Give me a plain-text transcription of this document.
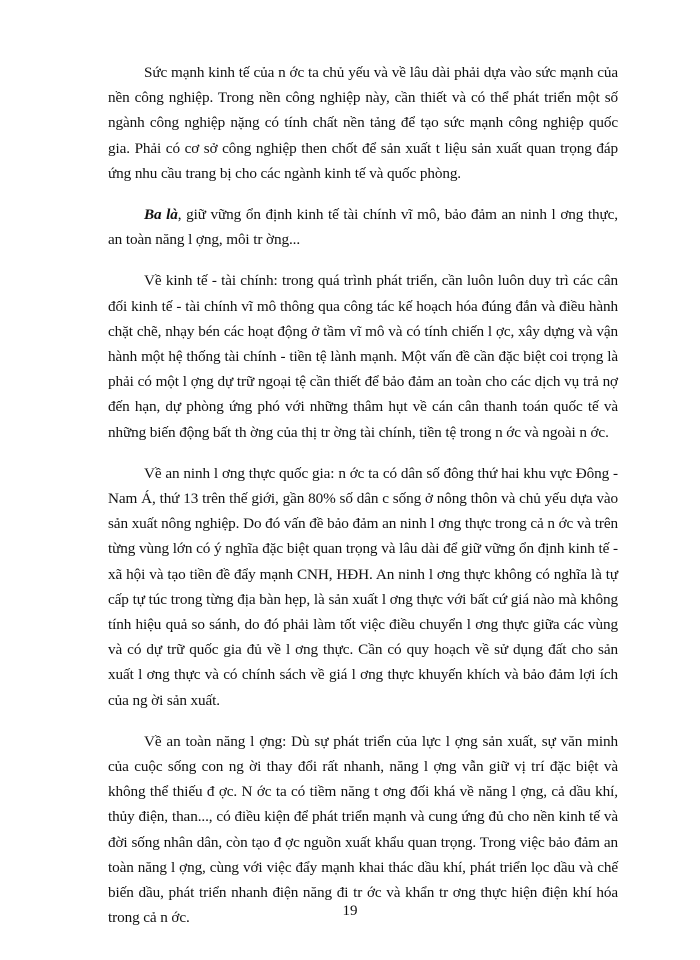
Sức mạnh kinh tế của n ớc ta chủ yếu và về lâu dài phải dựa vào sức mạnh của nền công nghiệp. Trong nền công nghiệp này, cần thiết và có thể phát triển một số ngành công nghiệp nặng có tính chất nền tảng để tạo sức mạnh công nghiệp quốc gia. Phải có cơ sở công nghiệp then chốt để sản xuất t liệu sản xuất quan trọng đáp ứng nhu cầu trang bị cho các ngành kinh tế và quốc phòng.

Ba là, giữ vững ổn định kinh tế tài chính vĩ mô, bảo đảm an ninh l ơng thực, an toàn năng l ợng, môi tr ờng...

Về kinh tế - tài chính: trong quá trình phát triển, cần luôn luôn duy trì các cân đối kinh tế - tài chính vĩ mô thông qua công tác kế hoạch hóa đúng đắn và điều hành chặt chẽ, nhạy bén các hoạt động ở tầm vĩ mô và có tính chiến l ợc, xây dựng và vận hành một hệ thống tài chính - tiền tệ lành mạnh. Một vấn đề cần đặc biệt coi trọng là phải có một l ợng dự trữ ngoại tệ cần thiết để bảo đảm an toàn cho các dịch vụ trả nợ đến hạn, dự phòng ứng phó với những thâm hụt về cán cân thanh toán quốc tế và những biến động bất th ờng của thị tr ờng tài chính, tiền tệ trong n ớc và ngoài n ớc.

Về an ninh l ơng thực quốc gia: n ớc ta có dân số đông thứ hai khu vực Đông - Nam Á, thứ 13 trên thế giới, gần 80% số dân c sống ở nông thôn và chủ yếu dựa vào sản xuất nông nghiệp. Do đó vấn đề bảo đảm an ninh l ơng thực trong cả n ớc và trên từng vùng lớn có ý nghĩa đặc biệt quan trọng và lâu dài để giữ vững ổn định kinh tế - xã hội và tạo tiền đề đẩy mạnh CNH, HĐH. An ninh l ơng thực không có nghĩa là tự cấp tự túc trong từng địa bàn hẹp, là sản xuất l ơng thực với bất cứ giá nào mà không tính hiệu quả so sánh, do đó phải làm tốt việc điều chuyển l ơng thực giữa các vùng và có dự trữ quốc gia đủ về l ơng thực. Cần có quy hoạch về sử dụng đất cho sản xuất l ơng thực và có chính sách về giá l ơng thực khuyến khích và bảo đảm lợi ích của ng ời sản xuất.

Về an toàn năng l ợng: Dù sự phát triển của lực l ợng sản xuất, sự văn minh của cuộc sống con ng ời thay đổi rất nhanh, năng l ợng vẫn giữ vị trí đặc biệt và không thể thiếu đ ợc. N ớc ta có tiềm năng t ơng đối khá về năng l ợng, cả dầu khí, thủy điện, than..., có điều kiện để phát triển mạnh và cung ứng đủ cho nền kinh tế và đời sống nhân dân, còn tạo đ ợc nguồn xuất khẩu quan trọng. Trong việc bảo đảm an toàn năng l ợng, cùng với việc đẩy mạnh khai thác dầu khí, phát triển lọc dầu và chế biến dầu, phát triển nhanh điện năng đi tr ớc và khẩn tr ơng thực hiện điện khí hóa trong cả n ớc.	19
